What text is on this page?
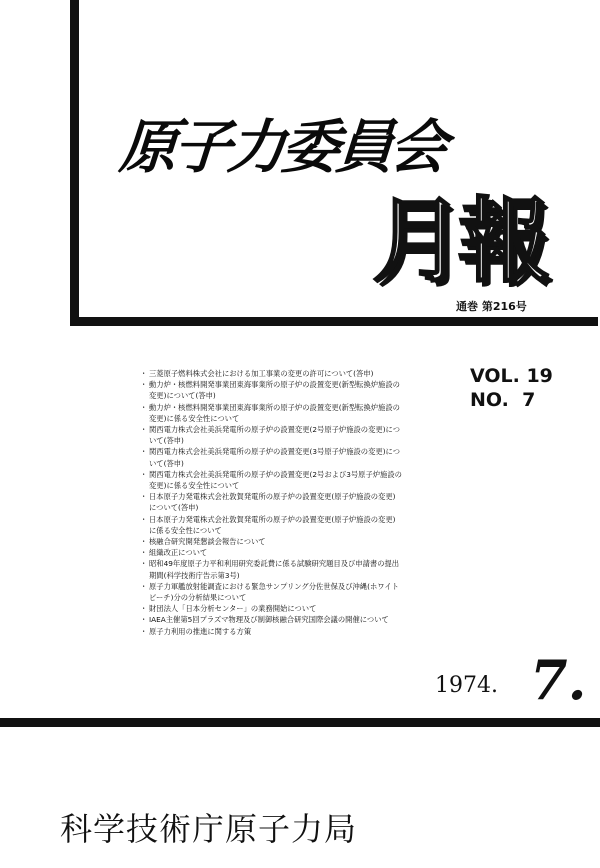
原子力委員会
月報
通巻 第216号
VOL. 19
NO.  7
・ 三菱原子燃料株式会社における加工事業の変更の許可について(答申)
・ 動力炉・核燃料開発事業団東海事業所の原子炉の設置変更(新型転換炉施設の変更)について(答申)
・ 動力炉・核燃料開発事業団東海事業所の原子炉の設置変更(新型転換炉施設の変更)に係る安全性について
・ 関西電力株式会社美浜発電所の原子炉の設置変更(2号原子炉施設の変更)について(答申)
・ 関西電力株式会社美浜発電所の原子炉の設置変更(3号原子炉施設の変更)について(答申)
・ 関西電力株式会社美浜発電所の原子炉の設置変更(2号および3号原子炉施設の変更)に係る安全性について
・ 日本原子力発電株式会社敦賀発電所の原子炉の設置変更(原子炉施設の変更)について(答申)
・ 日本原子力発電株式会社敦賀発電所の原子炉の設置変更(原子炉施設の変更)に係る安全性について
・ 核融合研究開発懇談会報告について
・ 組織改正について
・ 昭和49年度原子力平和利用研究委託費に係る試験研究題目及び申請書の提出期間(科学技術庁告示第3号)
・ 原子力軍艦放射能調査における緊急サンプリング分佐世保及び沖縄(ホワイトビーチ)分の分析結果について
・ 財団法人「日本分析センター」の業務開始について
・ IAEA主催第5回プラズマ物理及び制御核融合研究国際会議の開催について
・ 原子力利用の推進に関する方策
1974. 7.
科学技術庁原子力局
